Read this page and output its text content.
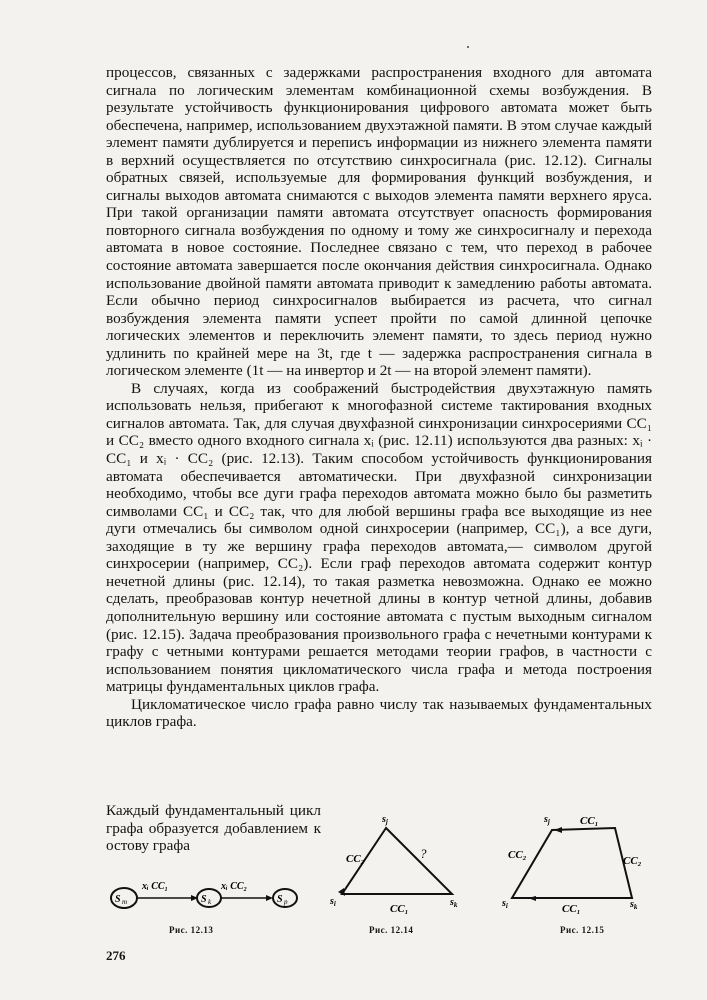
процессов, связанных с задержками распространения входного для автомата сигнала по логическим элементам комбинационной схемы возбуждения. В результате устойчивость функционирования цифрового автомата может быть обеспечена, например, использованием двухэтажной памяти. В этом случае каждый элемент памяти дублируется и переписъ информации из нижнего элемента памяти в верхний осуществляется по отсутствию синхросигнала (рис. 12.12). Сигналы обратных связей, используемые для формирования функций возбуждения, и сигналы выходов автомата снимаются с выходов элемента памяти верхнего яруса. При такой организации памяти автомата отсутствует опасность формирования повторного сигнала возбуждения по одному и тому же синхросигналу и перехода автомата в новое состояние. Последнее связано с тем, что переход в рабочее состояние автомата завершается после окончания действия синхросигнала. Однако использование двойной памяти автомата приводит к замедлению работы автомата. Если обычно период синхросигналов выбирается из расчета, что сигнал возбуждения элемента памяти успеет пройти по самой длинной цепочке логических элементов и переключить элемент памяти, то здесь период нужно удлинить по крайней мере на 3t, где t — задержка распространения сигнала в логическом элементе (1t — на инвертор и 2t — на второй элемент памяти).

В случаях, когда из соображений быстродействия двухэтажную память использовать нельзя, прибегают к многофазной системе тактирования входных сигналов автомата. Так, для случая двухфазной синхронизации синхросериями CC₁ и CC₂ вместо одного входного сигнала xᵢ (рис. 12.11) используются два разных: xᵢ · CC₁ и xᵢ · CC₂ (рис. 12.13). Таким способом устойчивость функционирования автомата обеспечивается автоматически. При двухфазной синхронизации необходимо, чтобы все дуги графа переходов автомата можно было бы разметить символами CC₁ и CC₂ так, что для любой вершины графа все выходящие из нее дуги отмечались бы символом одной синхросерии (например, CC₁), а все дуги, заходящие в ту же вершину графа переходов автомата,— символом другой синхросерии (например, CC₂). Если граф переходов автомата содержит контур нечетной длины (рис. 12.14), то такая разметка невозможна. Однако ее можно сделать, преобразовав контур нечетной длины в контур четной длины, добавив дополнительную вершину или состояние автомата с пустым выходным сигналом (рис. 12.15). Задача преобразования произвольного графа с нечетными контурами к графу с четными контурами решается методами теории графов, в частности с использованием понятия цикломатического числа графа и метода построения матрицы фундаментальных циклов графа.

Цикломатическое число графа равно числу так называемых фундаментальных циклов графа.

Каждый фундаментальный цикл графа образуется добавлением к остову графа

S m	S k	S p
xᵢ CC₁	xᵢ CC₂
Рис. 12.13
$s_j$
$s_i$	$s_k$
CC₂	?
CC₁
Рис. 12.14
$s_j$
$s_i$	$s_k$
CC₁
CC₂	CC₂
CC₁
Рис. 12.15
276
